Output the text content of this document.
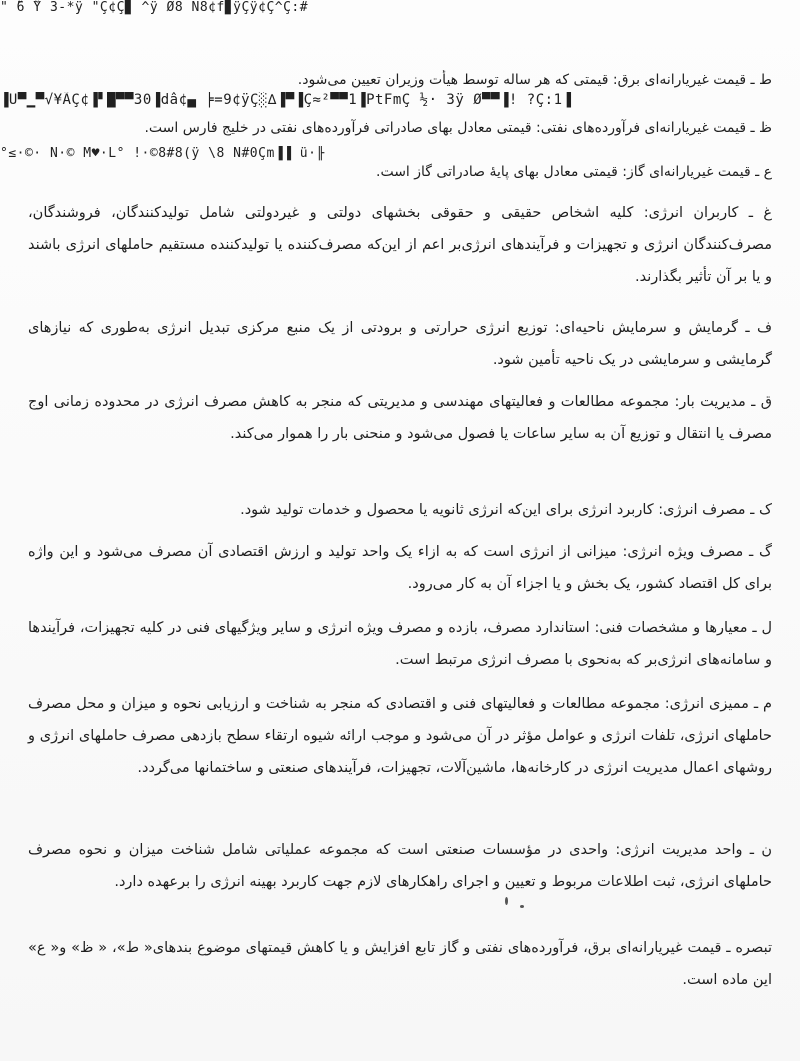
" ̃6 ̃Ÿ 3-*ÿ "Ç¢Ç▊ ^ÿ Ø8 N8¢f▊ÿÇÿ¢Ç^Ç:#
ط ـ قیمت غیریارانه‌ای برق: قیمتی که هر ساله توسط هیأت وزیران تعیین می‌شود.
▐Ü▀▁▀√¥ÃÇ¢▐▘█▀▀30▐dâ¢▄ ╞=9¢ÿÇ░∆▐▀▐Ç≈²▀▀1▐PtFmÇ ½· 3ÿ Ø▀▀▐! ?Ç:1▐
ظ ـ قیمت غیریارانه‌ای فرآورده‌های نفتی: قیمتی معادل بهای صادراتی فرآورده‌های نفتی در خلیج فارس است.
°≤·©· Ñ·© M♥·L° !·©8#8(ÿ \8 Ñ#0Çm▐▐ ü·╟
ع ـ قیمت غیریارانه‌ای گاز: قیمتی معادل بهای پایهٔ صادراتی گاز است.
غ ـ کاربران انرژی: کلیه اشخاص حقیقی و حقوقی بخشهای دولتی و غیردولتی شامل تولیدکنندگان، فروشندگان، مصرف‌کنندگان انرژی و تجهیزات و فرآیندهای انرژی‌بر اعم از این‌که مصرف‌کننده یا تولیدکننده مستقیم حاملهای انرژی باشند و یا بر آن تأثیر بگذارند.
ف ـ گرمایش و سرمایش ناحیه‌ای: توزیع انرژی حرارتی و برودتی از یک منبع مرکزی تبدیل انرژی به‌طوری که نیازهای گرمایشی و سرمایشی در یک ناحیه تأمین شود.
ق ـ مدیریت بار: مجموعه مطالعات و فعالیتهای مهندسی و مدیریتی که منجر به کاهش مصرف انرژی در محدوده زمانی اوج مصرف یا انتقال و توزیع آن به سایر ساعات یا فصول می‌شود و منحنی بار را هموار می‌کند.
ک ـ مصرف انرژی: کاربرد انرژی برای این‌که انرژی ثانویه یا محصول و خدمات تولید شود.
گ ـ مصرف ویژه انرژی: میزانی از انرژی است که به ازاء یک واحد تولید و ارزش اقتصادی آن مصرف می‌شود و این واژه برای کل اقتصاد کشور، یک بخش و یا اجزاء آن به کار می‌رود.
ل ـ معیارها و مشخصات فنی: استاندارد مصرف، بازده و مصرف ویژه انرژی و سایر ویژگیهای فنی در کلیه تجهیزات، فرآیندها و سامانه‌های انرژی‌بر که به‌نحوی با مصرف انرژی مرتبط است.
م ـ ممیزی انرژی: مجموعه مطالعات و فعالیتهای فنی و اقتصادی که منجر به شناخت و ارزیابی نحوه و میزان و محل مصرف حاملهای انرژی، تلفات انرژی و عوامل مؤثر در آن می‌شود و موجب ارائه شیوه ارتقاء سطح بازدهی مصرف حاملهای انرژی و روشهای اعمال مدیریت انرژی در کارخانه‌ها، ماشین‌آلات، تجهیزات، فرآیندهای صنعتی و ساختمانها می‌گردد.
ن ـ واحد مدیریت انرژی: واحدی در مؤسسات صنعتی است که مجموعه عملیاتی شامل شناخت میزان و نحوه مصرف حاملهای انرژی، ثبت اطلاعات مربوط و تعیین و اجرای راهکارهای لازم جهت کاربرد بهینه انرژی را برعهده دارد.
تبصره ـ قیمت غیریارانه‌ای برق، فرآورده‌های نفتی و گاز تابع افزایش و یا کاهش قیمتهای موضوع بندهای« ط»، « ظ» و« ع» این ماده است.
